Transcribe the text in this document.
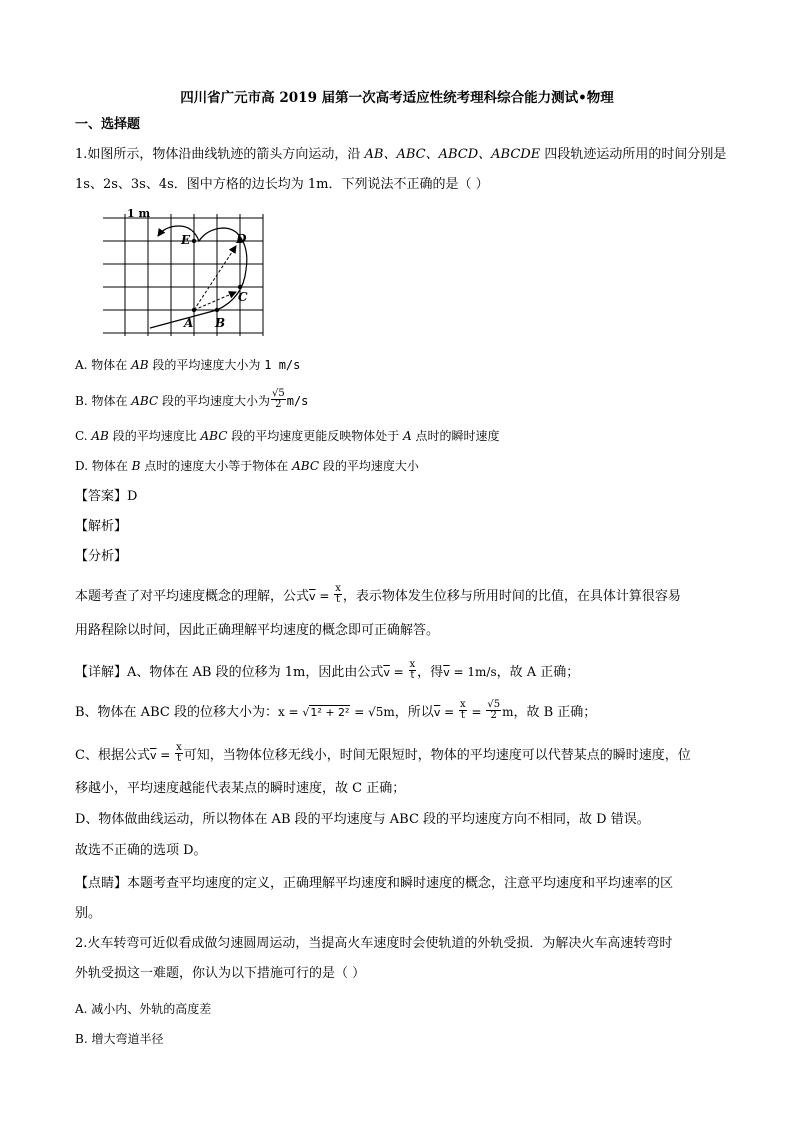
四川省广元市高 2019 届第一次高考适应性统考理科综合能力测试•物理
一、选择题
1.如图所示，物体沿曲线轨迹的箭头方向运动，沿 AB、ABC、ABCD、ABCDE 四段轨迹运动所用的时间分别是
1s、2s、3s、4s．图中方格的边长均为 1m．下列说法不正确的是（ ）
1 m
A B
C
D
E
A. 物体在 AB 段的平均速度大小为 1 m/s
B. 物体在 ABC 段的平均速度大小为 $\frac{√5}{2} m/s$
C. AB 段的平均速度比 ABC 段的平均速度更能反映物体处于 A 点时的瞬时速度
D. 物体在 B 点时的速度大小等于物体在 ABC 段的平均速度大小
【答案】D
【解析】
【分析】
本题考查了对平均速度概念的理解，公式$\overline{v} = \frac{x}{t}$ ，表示物体发生位移与所用时间的比值，在具体计算很容易
用路程除以时间，因此正确理解平均速度的概念即可正确解答。
【详解】A、物体在 AB 段的位移为 1m，因此由公式$\overline{v} = \frac{x}{t}$ ，得$\overline{v} = 1m/s$，故 A 正确；
B、物体在 ABC 段的位移大小为：x = √1² + 2² = √5m，所以$\overline{v} = \frac{x}{t} = \frac{√5}{2}$ m，故 B 正确；
C、根据公式$\overline{v} = \frac{x}{t}$ 可知，当物体位移无线小，时间无限短时，物体的平均速度可以代替某点的瞬时速度，位
移越小，平均速度越能代表某点的瞬时速度，故 C 正确；
D、物体做曲线运动，所以物体在 AB 段的平均速度与 ABC 段的平均速度方向不相同，故 D 错误。
故选不正确的选项 D。
【点睛】本题考查平均速度的定义，正确理解平均速度和瞬时速度的概念，注意平均速度和平均速率的区
别。
2.火车转弯可近似看成做匀速圆周运动，当提高火车速度时会使轨道的外轨受损．为解决火车高速转弯时
外轨受损这一难题，你认为以下措施可行的是（ ）
A. 减小内、外轨的高度差
B. 增大弯道半径
